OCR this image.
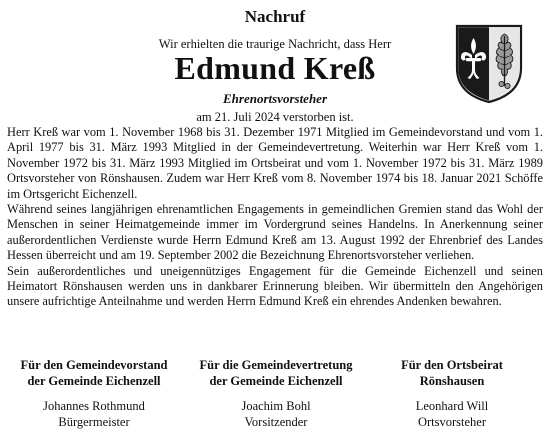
Nachruf
Wir erhielten die traurige Nachricht, dass Herr
Edmund Kreß
Ehrenortsvorsteher
am 21. Juli 2024 verstorben ist.

Herr Kreß war vom 1. November 1968 bis 31. Dezember 1971 Mitglied im Gemeindevorstand und vom 1. April 1977 bis 31. März 1993 Mitglied in der Gemeindevertretung. Weiterhin war Herr Kreß vom 1. November 1972 bis 31. März 1993 Mitglied im Ortsbeirat und vom 1. November 1972 bis 31. März 1989 Ortsvorsteher von Rönshausen. Zudem war Herr Kreß vom 8. November 1974 bis 18. Januar 2021 Schöffe im Ortsgericht Eichenzell.

Während seines langjährigen ehrenamtlichen Engagements in gemeindlichen Gremien stand das Wohl der Menschen in seiner Heimatgemeinde immer im Vordergrund seines Handelns. In Anerkennung seiner außerordentlichen Verdienste wurde Herrn Edmund Kreß am 13. August 1992 der Ehrenbrief des Landes Hessen überreicht und am 19. September 2002 die Bezeichnung Ehrenortsvorsteher verliehen.

Sein außerordentliches und uneigennütziges Engagement für die Gemeinde Eichenzell und seinen Heimatort Rönshausen werden uns in dankbarer Erinnerung bleiben. Wir übermitteln den Angehörigen unsere aufrichtige Anteilnahme und werden Herrn Edmund Kreß ein ehrendes Andenken bewahren.

Für den Gemeindevorstand
der Gemeinde Eichenzell
Johannes Rothmund
Bürgermeister
Für die Gemeindevertretung
der Gemeinde Eichenzell
Joachim Bohl
Vorsitzender
Für den Ortsbeirat
Rönshausen
Leonhard Will
Ortsvorsteher
